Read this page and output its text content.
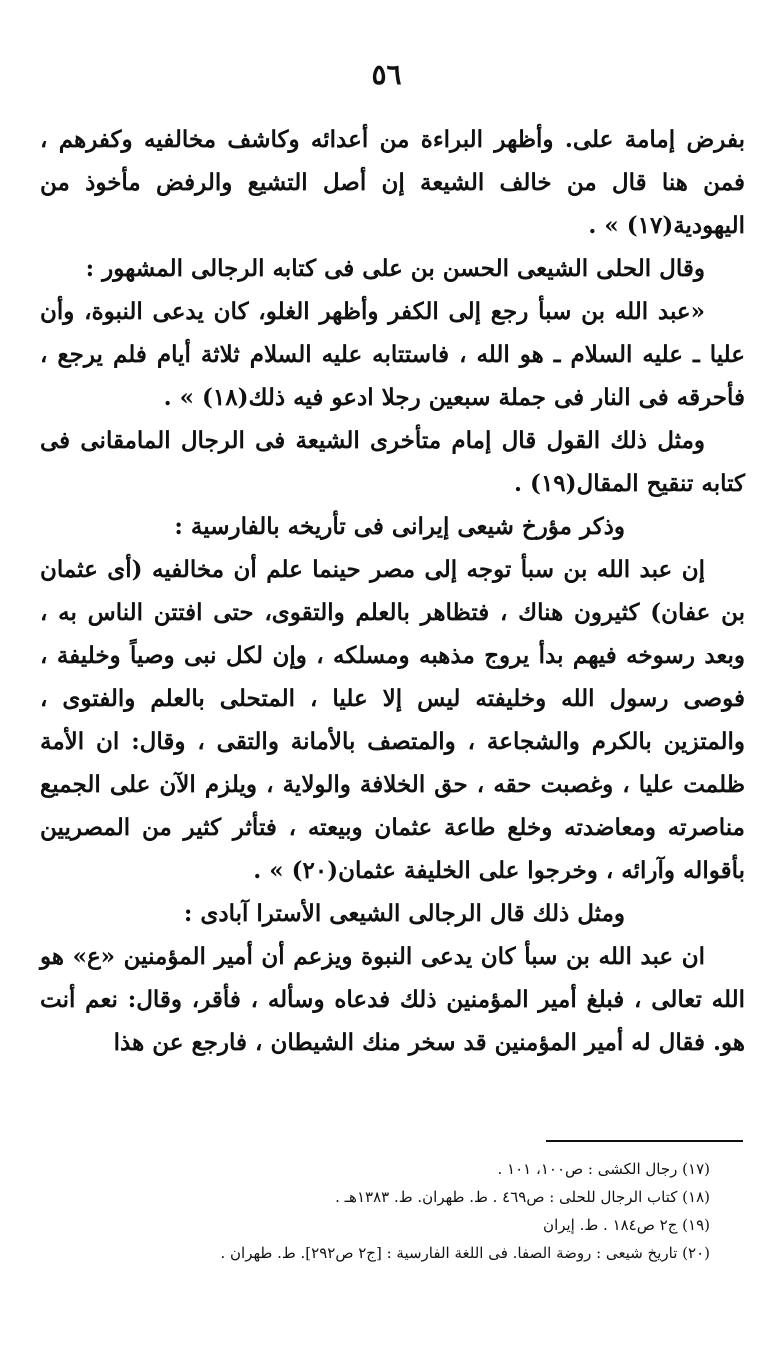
٥٦

بفرض إمامة على. وأظهر البراءة من أعدائه وكاشف مخالفيه وكفرهم ، فمن هنا قال من خالف الشيعة إن أصل التشيع والرفض مأخوذ من اليهودية(١٧) » .

وقال الحلى الشيعى الحسن بن على فى كتابه الرجالى المشهور :

«عبد الله بن سبأ رجع إلى الكفر وأظهر الغلو، كان يدعى النبوة، وأن عليا ـ عليه السلام ـ هو الله ، فاستتابه عليه السلام ثلاثة أيام فلم يرجع ، فأحرقه فى النار فى جملة سبعين رجلا ادعو فيه ذلك(١٨) » .

ومثل ذلك القول قال إمام متأخرى الشيعة فى الرجال المامقانى فى كتابه تنقيح المقال(١٩) .

وذكر مؤرخ شيعى إيرانى فى تأريخه بالفارسية :

إن عبد الله بن سبأ توجه إلى مصر حينما علم أن مخالفيه (أى عثمان بن عفان) كثيرون هناك ، فتظاهر بالعلم والتقوى، حتى افتتن الناس به ، وبعد رسوخه فيهم بدأ يروج مذهبه ومسلكه ، وإن لكل نبى وصياً وخليفة ، فوصى رسول الله وخليفته ليس إلا عليا ، المتحلى بالعلم والفتوى ، والمتزين بالكرم والشجاعة ، والمتصف بالأمانة والتقى ، وقال: ان الأمة ظلمت عليا ، وغصبت حقه ، حق الخلافة والولاية ، ويلزم الآن على الجميع مناصرته ومعاضدته وخلع طاعة عثمان وبيعته ، فتأثر كثير من المصريين بأقواله وآرائه ، وخرجوا على الخليفة عثمان(٢٠) » .

ومثل ذلك قال الرجالى الشيعى الأسترا آبادى :

ان عبد الله بن سبأ كان يدعى النبوة ويزعم أن أمير المؤمنين «ع» هو الله تعالى ، فبلغ أمير المؤمنين ذلك فدعاه وسأله ، فأقر، وقال: نعم أنت هو. فقال له أمير المؤمنين قد سخر منك الشيطان ، فارجع عن هذا

(١٧) رجال الكشى : ص١٠٠، ١٠١ .

(١٨) كتاب الرجال للحلى : ص٤٦٩ . ط. طهران. ط. ١٣٨٣هـ .

(١٩) ج٢ ص١٨٤ . ط. إيران

(٢٠) تاريخ شيعى : روضة الصفا. فى اللغة الفارسية : [ج٢ ص٢٩٢]. ط. طهران .
